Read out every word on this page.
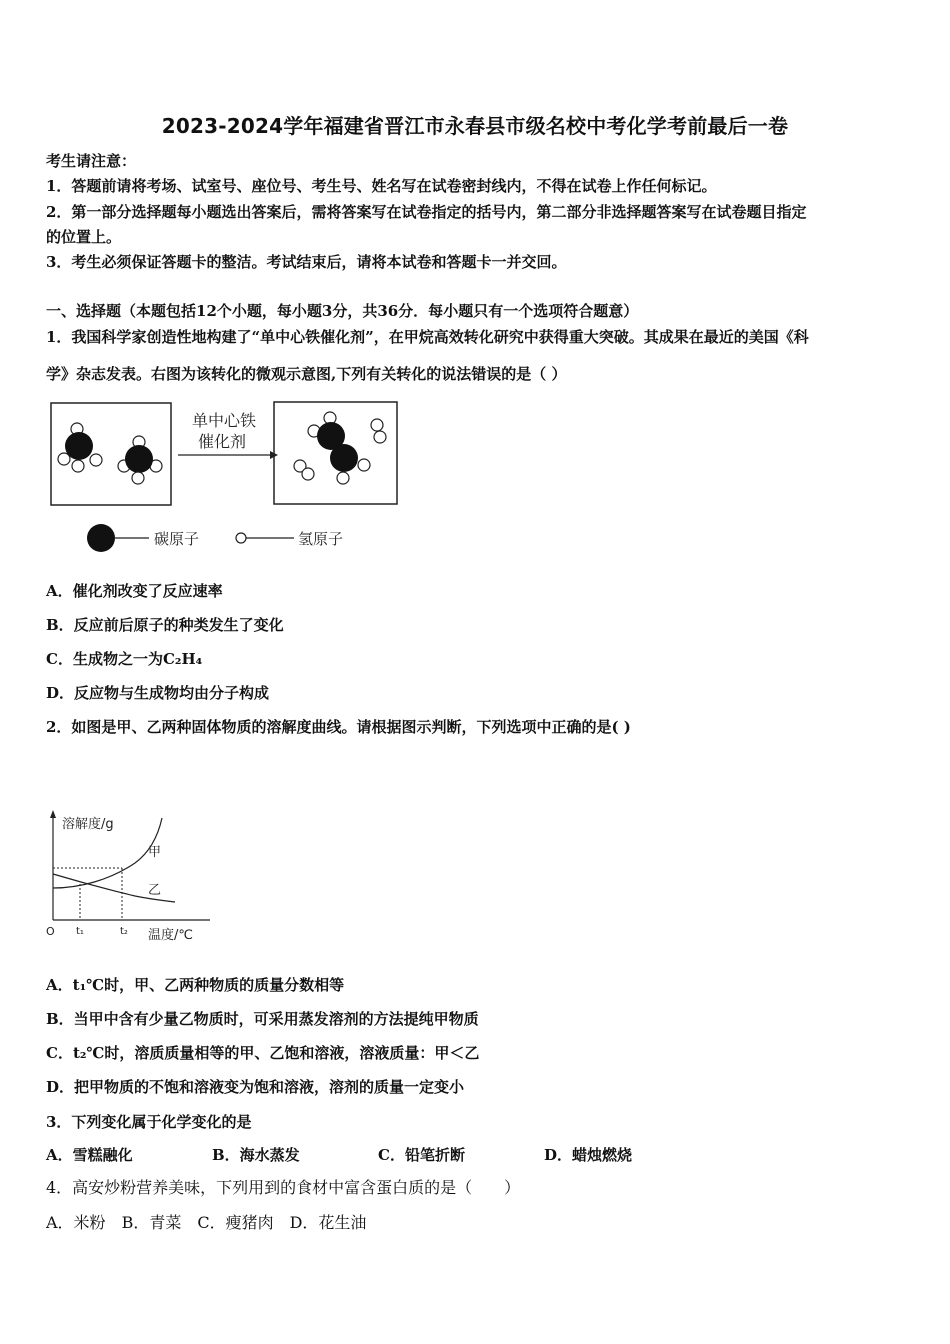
2023-2024学年福建省晋江市永春县市级名校中考化学考前最后一卷
考生请注意：
1．答题前请将考场、试室号、座位号、考生号、姓名写在试卷密封线内，不得在试卷上作任何标记。
2．第一部分选择题每小题选出答案后，需将答案写在试卷指定的括号内，第二部分非选择题答案写在试卷题目指定
的位置上。
3．考生必须保证答题卡的整洁。考试结束后，请将本试卷和答题卡一并交回。
一、选择题（本题包括12个小题，每小题3分，共36分．每小题只有一个选项符合题意）
1．我国科学家创造性地构建了“单中心铁催化剂”，在甲烷高效转化研究中获得重大突破。其成果在最近的美国《科
学》杂志发表。右图为该转化的微观示意图,下列有关转化的说法错误的是（ ）
单中心铁
催化剂
碳原子	氢原子
A．催化剂改变了反应速率
B．反应前后原子的种类发生了变化
C．生成物之一为C₂H₄
D．反应物与生成物均由分子构成
2．如图是甲、乙两种固体物质的溶解度曲线。请根据图示判断，下列选项中正确的是( )
溶解度/g
温度/℃
O t₁	t₂
甲
乙
A．t₁℃时，甲、乙两种物质的质量分数相等
B．当甲中含有少量乙物质时，可采用蒸发溶剂的方法提纯甲物质
C．t₂℃时，溶质质量相等的甲、乙饱和溶液，溶液质量：甲＜乙
D．把甲物质的不饱和溶液变为饱和溶液，溶剂的质量一定变小
3．下列变化属于化学变化的是
A．雪糕融化	B．海水蒸发	C．铅笔折断	D．蜡烛燃烧
4．高安炒粉营养美味，下列用到的食材中富含蛋白质的是（　　）
A．米粉 B．青菜 C．瘦猪肉 D．花生油
